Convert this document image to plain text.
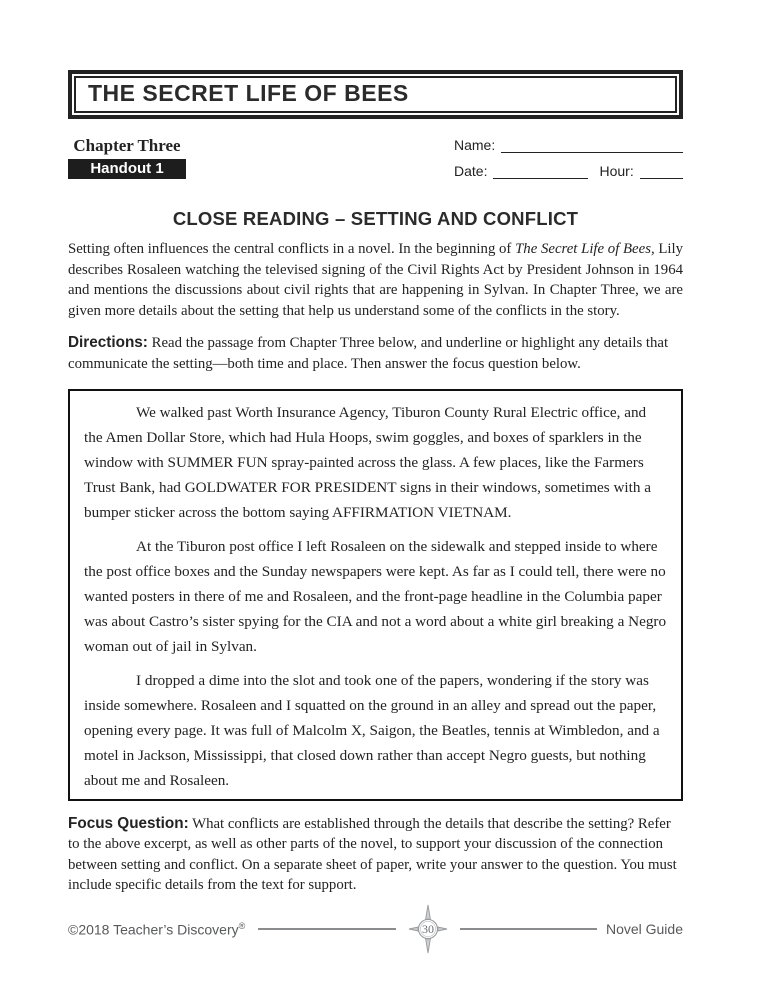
THE SECRET LIFE OF BEES
Chapter Three
Handout 1
Name:
Date:	Hour:
CLOSE READING – SETTING AND CONFLICT

Setting often influences the central conflicts in a novel. In the beginning of The Secret Life of Bees, Lily describes Rosaleen watching the televised signing of the Civil Rights Act by President Johnson in 1964 and mentions the discussions about civil rights that are happening in Sylvan. In Chapter Three, we are given more details about the setting that help us understand some of the conflicts in the story.

Directions: Read the passage from Chapter Three below, and underline or highlight any details that communicate the setting—both time and place. Then answer the focus question below.

We walked past Worth Insurance Agency, Tiburon County Rural Electric office, and the Amen Dollar Store, which had Hula Hoops, swim goggles, and boxes of sparklers in the window with SUMMER FUN spray-painted across the glass. A few places, like the Farmers Trust Bank, had GOLDWATER FOR PRESIDENT signs in their windows, sometimes with a bumper sticker across the bottom saying AFFIRMATION VIETNAM.

At the Tiburon post office I left Rosaleen on the sidewalk and stepped inside to where the post office boxes and the Sunday newspapers were kept. As far as I could tell, there were no wanted posters in there of me and Rosaleen, and the front-page headline in the Columbia paper was about Castro’s sister spying for the CIA and not a word about a white girl breaking a Negro woman out of jail in Sylvan.

I dropped a dime into the slot and took one of the papers, wondering if the story was inside somewhere. Rosaleen and I squatted on the ground in an alley and spread out the paper, opening every page. It was full of Malcolm X, Saigon, the Beatles, tennis at Wimbledon, and a motel in Jackson, Mississippi, that closed down rather than accept Negro guests, but nothing about me and Rosaleen.

Focus Question: What conflicts are established through the details that describe the setting? Refer to the above excerpt, as well as other parts of the novel, to support your discussion of the connection between setting and conflict. On a separate sheet of paper, write your answer to the question. You must include specific details from the text for support.

©2018 Teacher’s Discovery®	30	Novel Guide
